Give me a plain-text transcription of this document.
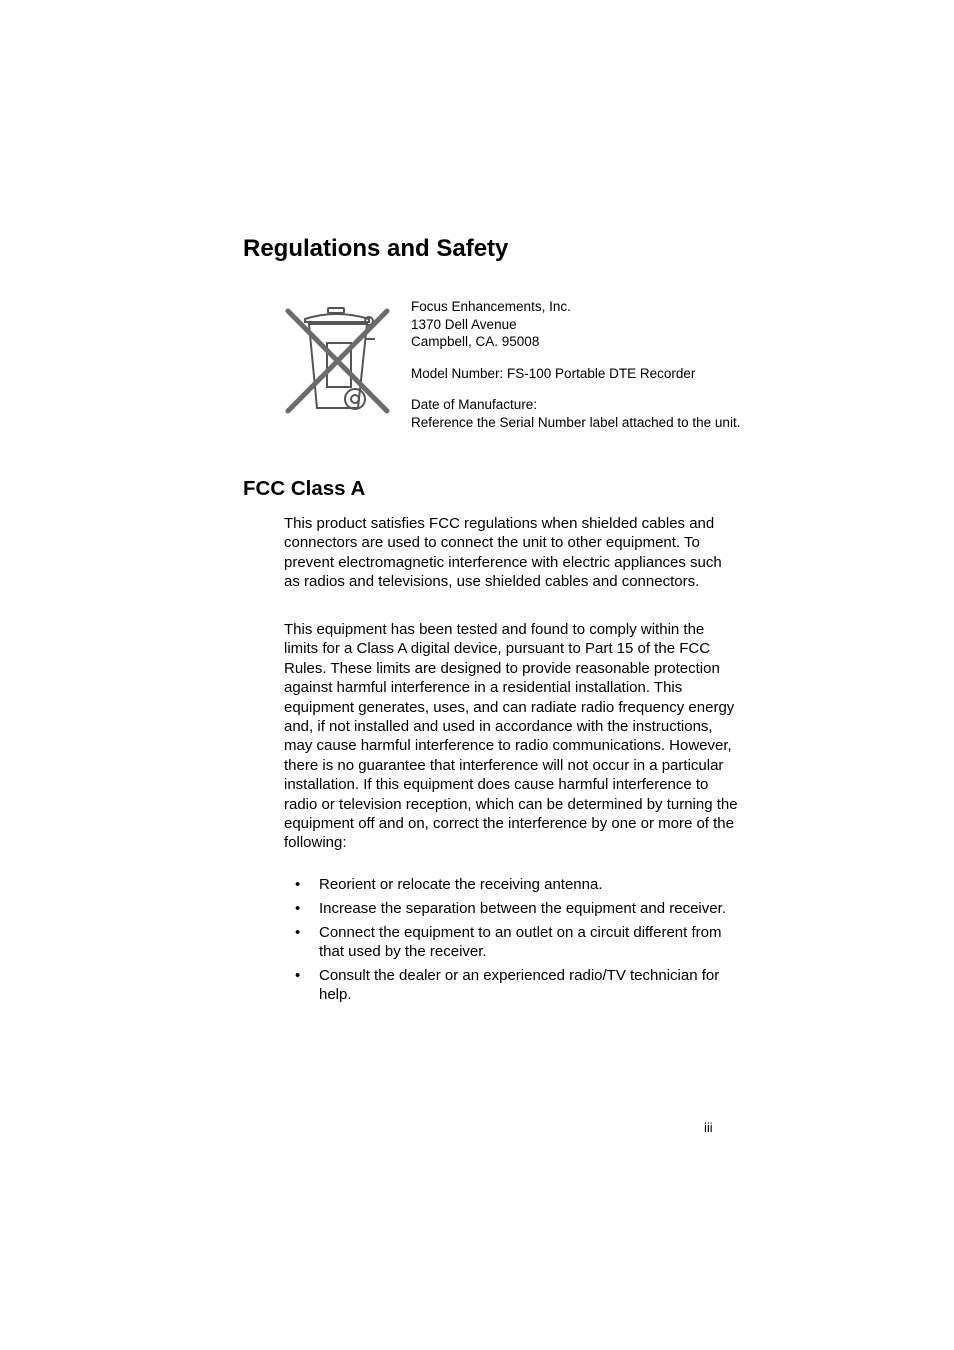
Regulations and Safety

Focus Enhancements, Inc.

1370 Dell Avenue

Campbell, CA. 95008

Model Number: FS-100 Portable DTE Recorder

Date of Manufacture:

Reference the Serial Number label attached to the unit.

FCC Class A

This product satisfies FCC regulations when shielded cables and connectors are used to connect the unit to other equipment. To prevent electromagnetic interference with electric appliances such as radios and televisions, use shielded cables and connectors.

This equipment has been tested and found to comply within the limits for a Class A digital device, pursuant to Part 15 of the FCC Rules. These limits are designed to provide reasonable protection against harmful interference in a residential installation. This equipment generates, uses, and can radiate radio frequency energy and, if not installed and used in accordance with the instructions, may cause harmful interference to radio communications. However, there is no guarantee that interference will not occur in a particular installation. If this equipment does cause harmful interference to radio or television reception, which can be determined by turning the equipment off and on, correct the interference by one or more of the following:

• Reorient or relocate the receiving antenna.
• Increase the separation between the equipment and receiver.
• Connect the equipment to an outlet on a circuit different from that used by the receiver.
• Consult the dealer or an experienced radio/TV technician for help.
iii
